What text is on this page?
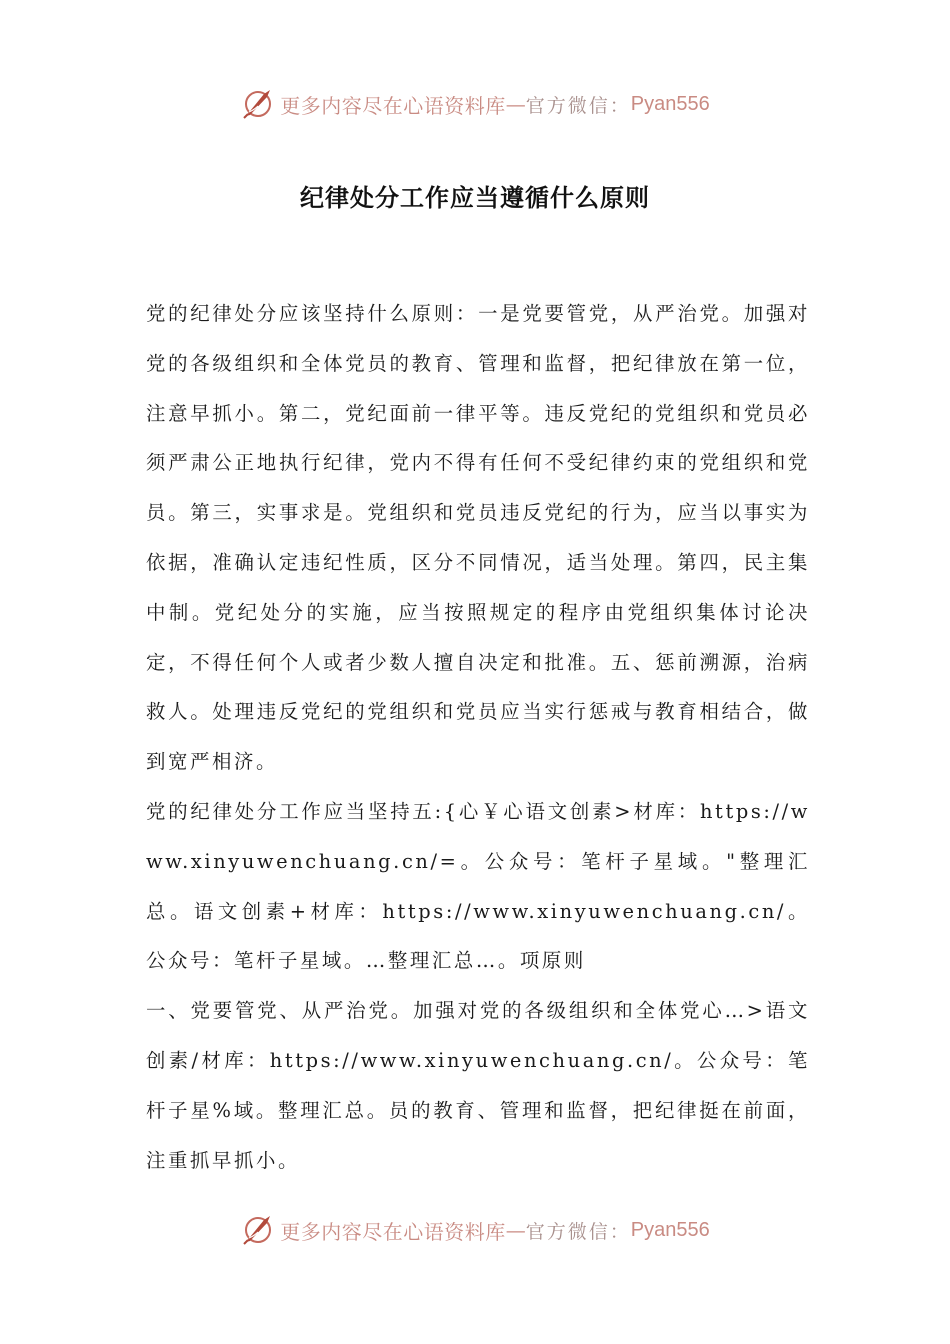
更多内容尽在心语资料库 — 官方微信： Pyan556
纪律处分工作应当遵循什么原则

党的纪律处分应该坚持什么原则：一是党要管党，从严治党。加强对党的各级组织和全体党员的教育、管理和监督，把纪律放在第一位，注意早抓小。第二，党纪面前一律平等。违反党纪的党组织和党员必须严肃公正地执行纪律，党内不得有任何不受纪律约束的党组织和党员。第三，实事求是。党组织和党员违反党纪的行为，应当以事实为依据，准确认定违纪性质，区分不同情况，适当处理。第四，民主集中制。党纪处分的实施，应当按照规定的程序由党组织集体讨论决定，不得任何个人或者少数人擅自决定和批准。五、惩前溯源，治病救人。处理违反党纪的党组织和党员应当实行惩戒与教育相结合，做到宽严相济。

党的纪律处分工作应当坚持五:{心￥心语文创素>材库：https://www.xinyuwenchuang.cn/=。公众号：笔杆子星域。"整理汇总。语文创素+材库：https://www.xinyuwenchuang.cn/。公众号：笔杆子星域。…整理汇总…。项原则

一、党要管党、从严治党。加强对党的各级组织和全体党心…>语文创素/材库：https://www.xinyuwenchuang.cn/。公众号：笔杆子星%域。整理汇总。员的教育、管理和监督，把纪律挺在前面，注重抓早抓小。

更多内容尽在心语资料库 — 官方微信： Pyan556
